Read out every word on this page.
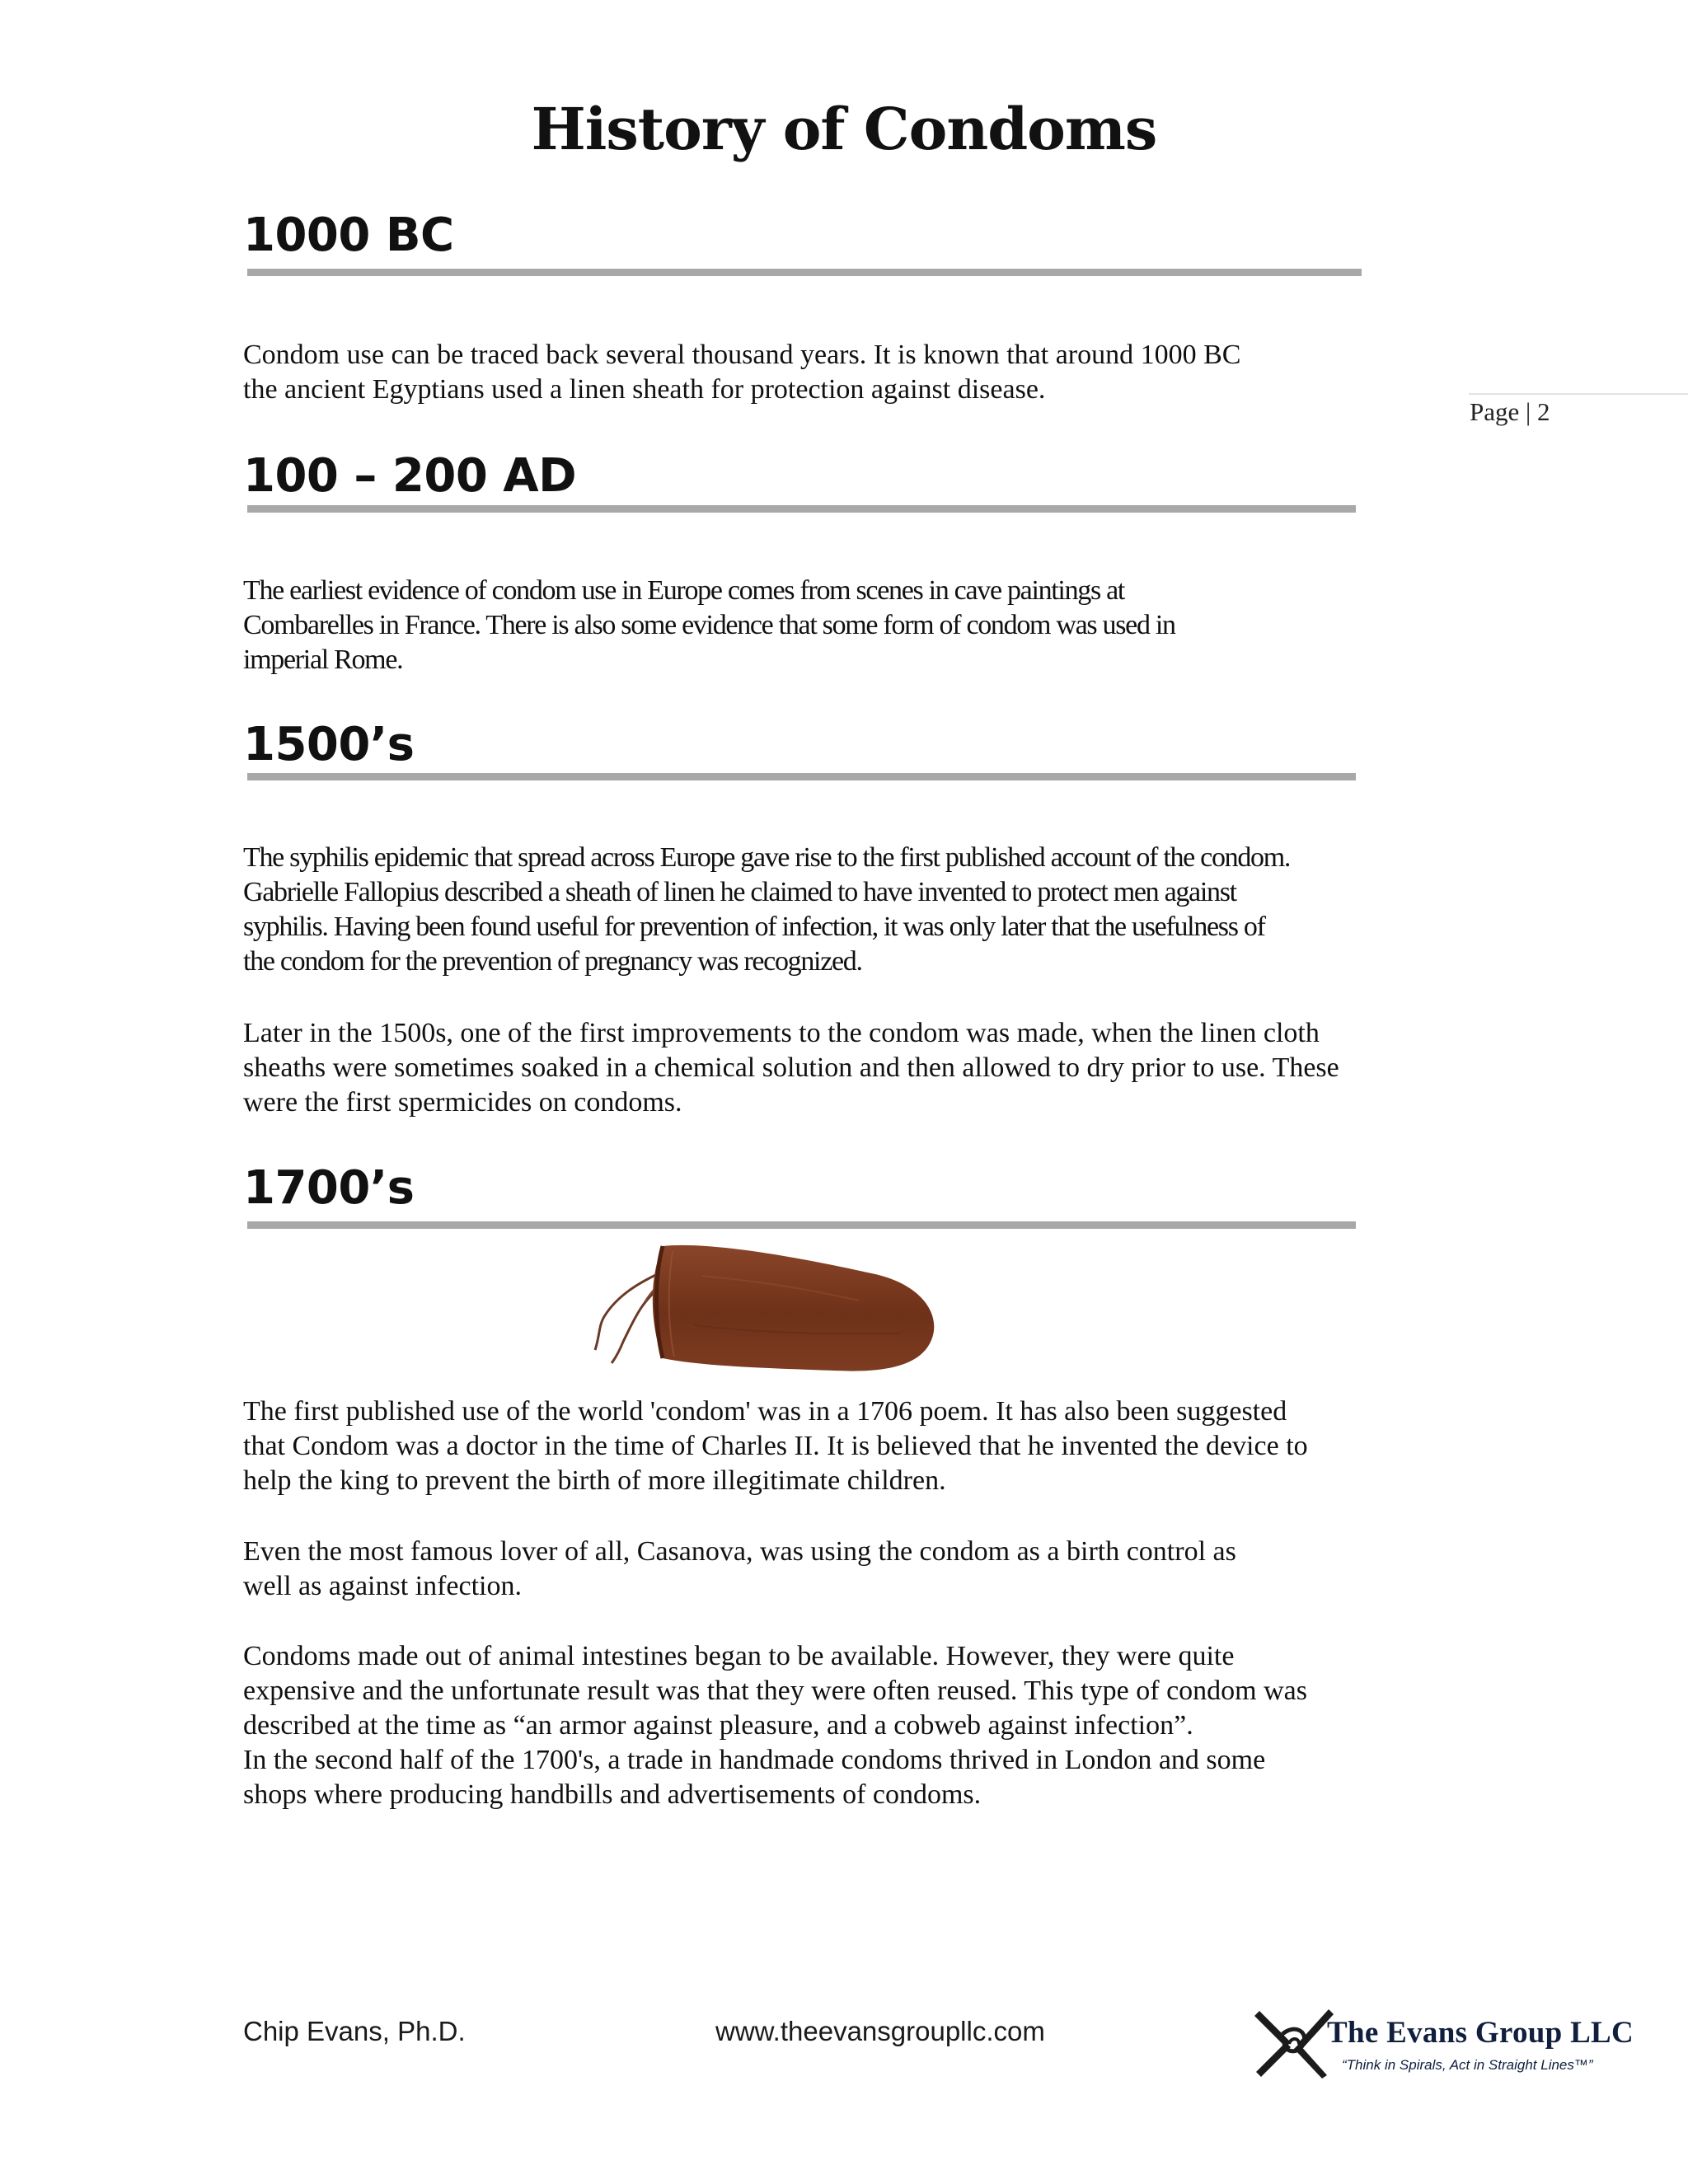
History of Condoms
1000 BC

Condom use can be traced back several thousand years. It is known that around 1000 BC
the ancient Egyptians used a linen sheath for protection against disease.

Page | 2
100 – 200 AD

The earliest evidence of condom use in Europe comes from scenes in cave paintings at
Combarelles in France. There is also some evidence that some form of condom was used in
imperial Rome.

1500’s

The syphilis epidemic that spread across Europe gave rise to the first published account of the condom.
Gabrielle Fallopius described a sheath of linen he claimed to have invented to protect men against
syphilis. Having been found useful for prevention of infection, it was only later that the usefulness of
the condom for the prevention of pregnancy was recognized.

Later in the 1500s, one of the first improvements to the condom was made, when the linen cloth
sheaths were sometimes soaked in a chemical solution and then allowed to dry prior to use. These
were the first spermicides on condoms.

1700’s

The first published use of the world 'condom' was in a 1706 poem. It has also been suggested
that Condom was a doctor in the time of Charles II. It is believed that he invented the device to
help the king to prevent the birth of more illegitimate children.

Even the most famous lover of all, Casanova, was using the condom as a birth control as
well as against infection.

Condoms made out of animal intestines began to be available. However, they were quite
expensive and the unfortunate result was that they were often reused. This type of condom was
described at the time as “an armor against pleasure, and a cobweb against infection”.
In the second half of the 1700's, a trade in handmade condoms thrived in London and some
shops where producing handbills and advertisements of condoms.

Chip Evans, Ph.D.	www.theevansgroupllc.com	The Evans Group LLC
“Think in Spirals, Act in Straight Lines™”
